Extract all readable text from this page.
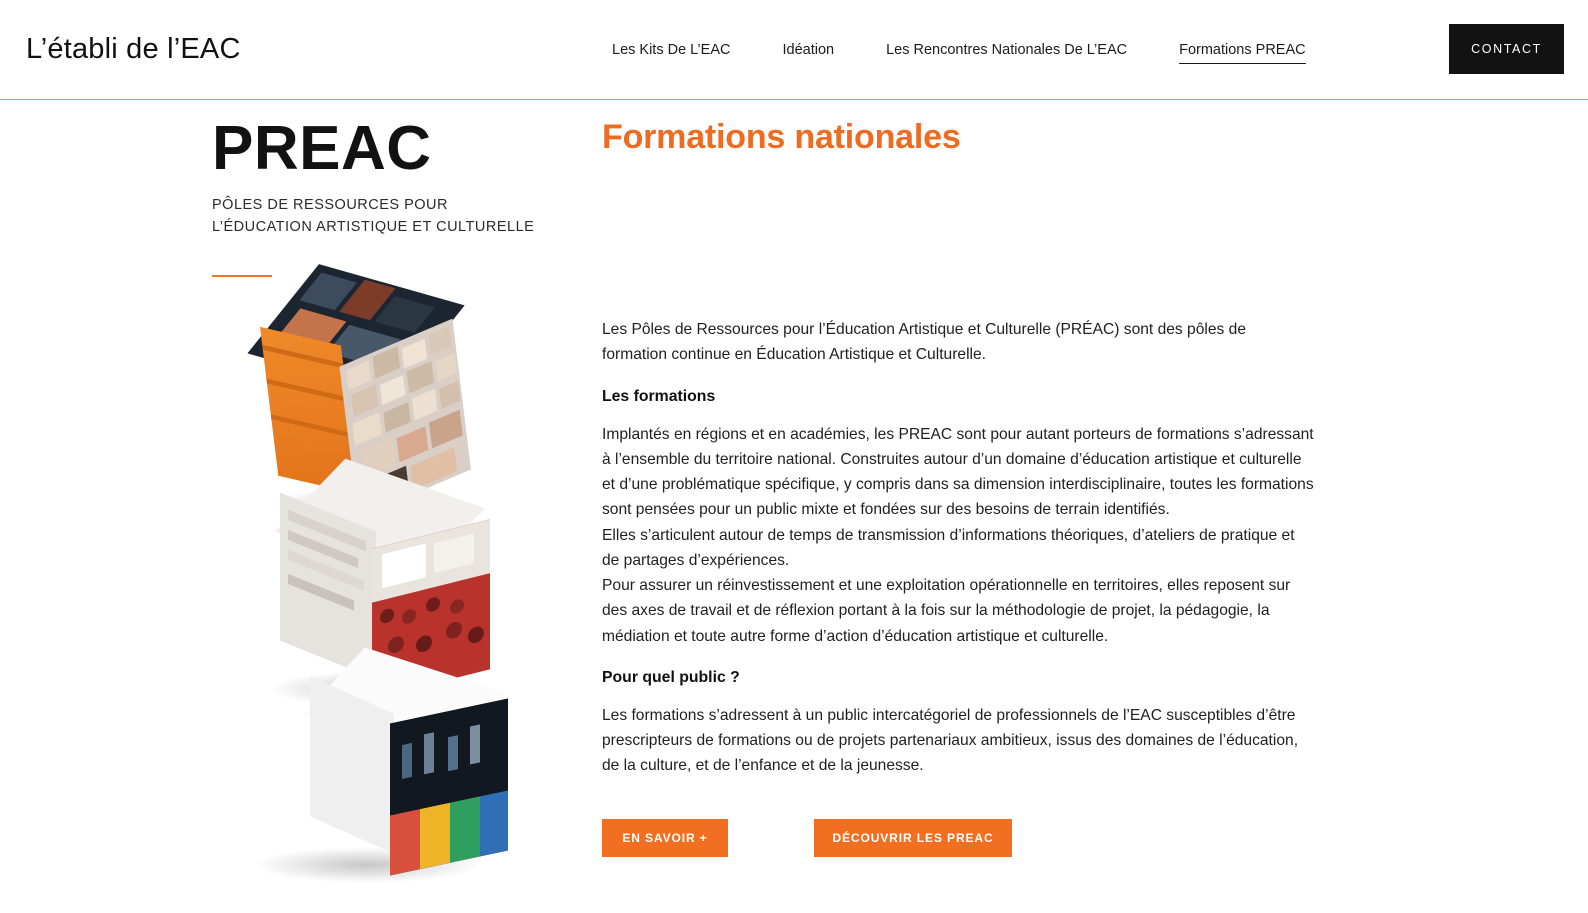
L’établi de l’EAC	Les Kits De L’EAC	Idéation	Les Rencontres Nationales De L’EAC	Formations PREAC	CONTACT
PREAC
PÔLES DE RESSOURCES POUR L’ÉDUCATION ARTISTIQUE ET CULTURELLE
Formations nationales

Les Pôles de Ressources pour l’Éducation Artistique et Culturelle (PRÉAC) sont des pôles de formation continue en Éducation Artistique et Culturelle.

Les formations

Implantés en régions et en académies, les PREAC sont pour autant porteurs de formations s’adressant à l’ensemble du territoire national. Construites autour d’un domaine d’éducation artistique et culturelle et d’une problématique spécifique, y compris dans sa dimension interdisciplinaire, toutes les formations sont pensées pour un public mixte et fondées sur des besoins de terrain identifiés.

Elles s’articulent autour de temps de transmission d’informations théoriques, d’ateliers de pratique et de partages d’expériences.

Pour assurer un réinvestissement et une exploitation opérationnelle en territoires, elles reposent sur des axes de travail et de réflexion portant à la fois sur la méthodologie de projet, la pédagogie, la médiation et toute autre forme d’action d’éducation artistique et culturelle.

Pour quel public ?

Les formations s’adressent à un public intercatégoriel de professionnels de l’EAC susceptibles d’être prescripteurs de formations ou de projets partenariaux ambitieux, issus des domaines de l’éducation, de la culture, et de l’enfance et de la jeunesse.

EN SAVOIR +	DÉCOUVRIR LES PREAC
